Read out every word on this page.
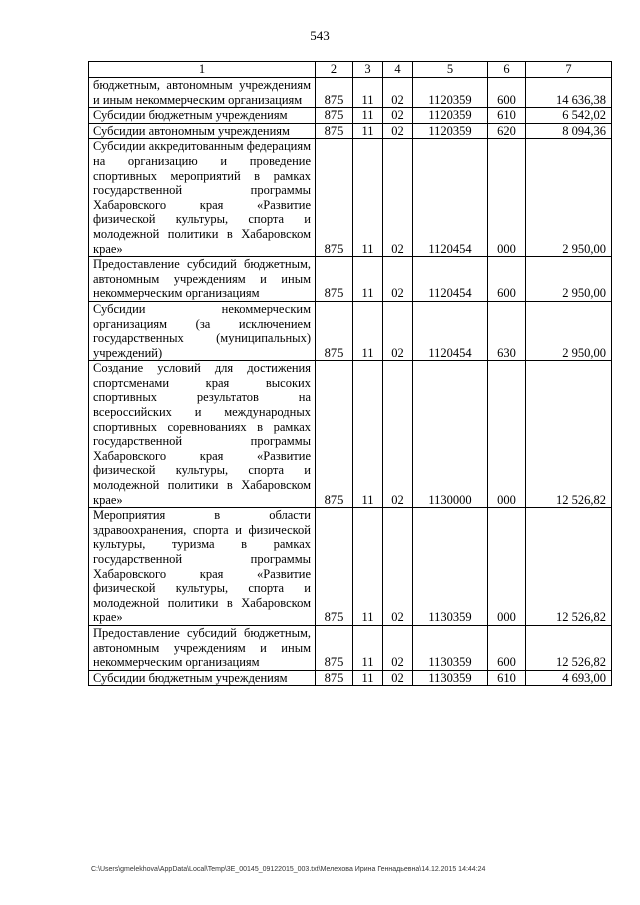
543
1	2	3	4	5	6	7
бюджетным, автономным учреждениям и иным некоммерческим организациям	875	11	02	1120359	600	14 636,38
Субсидии бюджетным учреждениям	875	11	02	1120359	610	6 542,02
Субсидии автономным учреждениям	875	11	02	1120359	620	8 094,36
Субсидии аккредитованным федерациям на организацию и проведение спортивных мероприятий в рамках государственной программы Хабаровского края «Развитие физической культуры, спорта и молодежной политики в Хабаровском крае»	875	11	02	1120454	000	2 950,00
Предоставление субсидий бюджетным, автономным учреждениям и иным некоммерческим организациям	875	11	02	1120454	600	2 950,00
Субсидии некоммерческим организациям (за исключением государственных (муниципальных) учреждений)	875	11	02	1120454	630	2 950,00
Создание условий для достижения спортсменами края высоких спортивных результатов на всероссийских и международных спортивных соревнованиях в рамках государственной программы Хабаровского края «Развитие физической культуры, спорта и молодежной политики в Хабаровском крае»	875	11	02	1130000	000	12 526,82
Мероприятия в области здравоохранения, спорта и физической культуры, туризма в рамках государственной программы Хабаровского края «Развитие физической культуры, спорта и молодежной политики в Хабаровском крае»	875	11	02	1130359	000	12 526,82
Предоставление субсидий бюджетным, автономным учреждениям и иным некоммерческим организациям	875	11	02	1130359	600	12 526,82
Субсидии бюджетным учреждениям	875	11	02	1130359	610	4 693,00
C:\Users\gmelekhova\AppData\Local\Temp\3E_00145_09122015_003.txt\Мелехова Ирина Геннадьевна\14.12.2015 14:44:24
